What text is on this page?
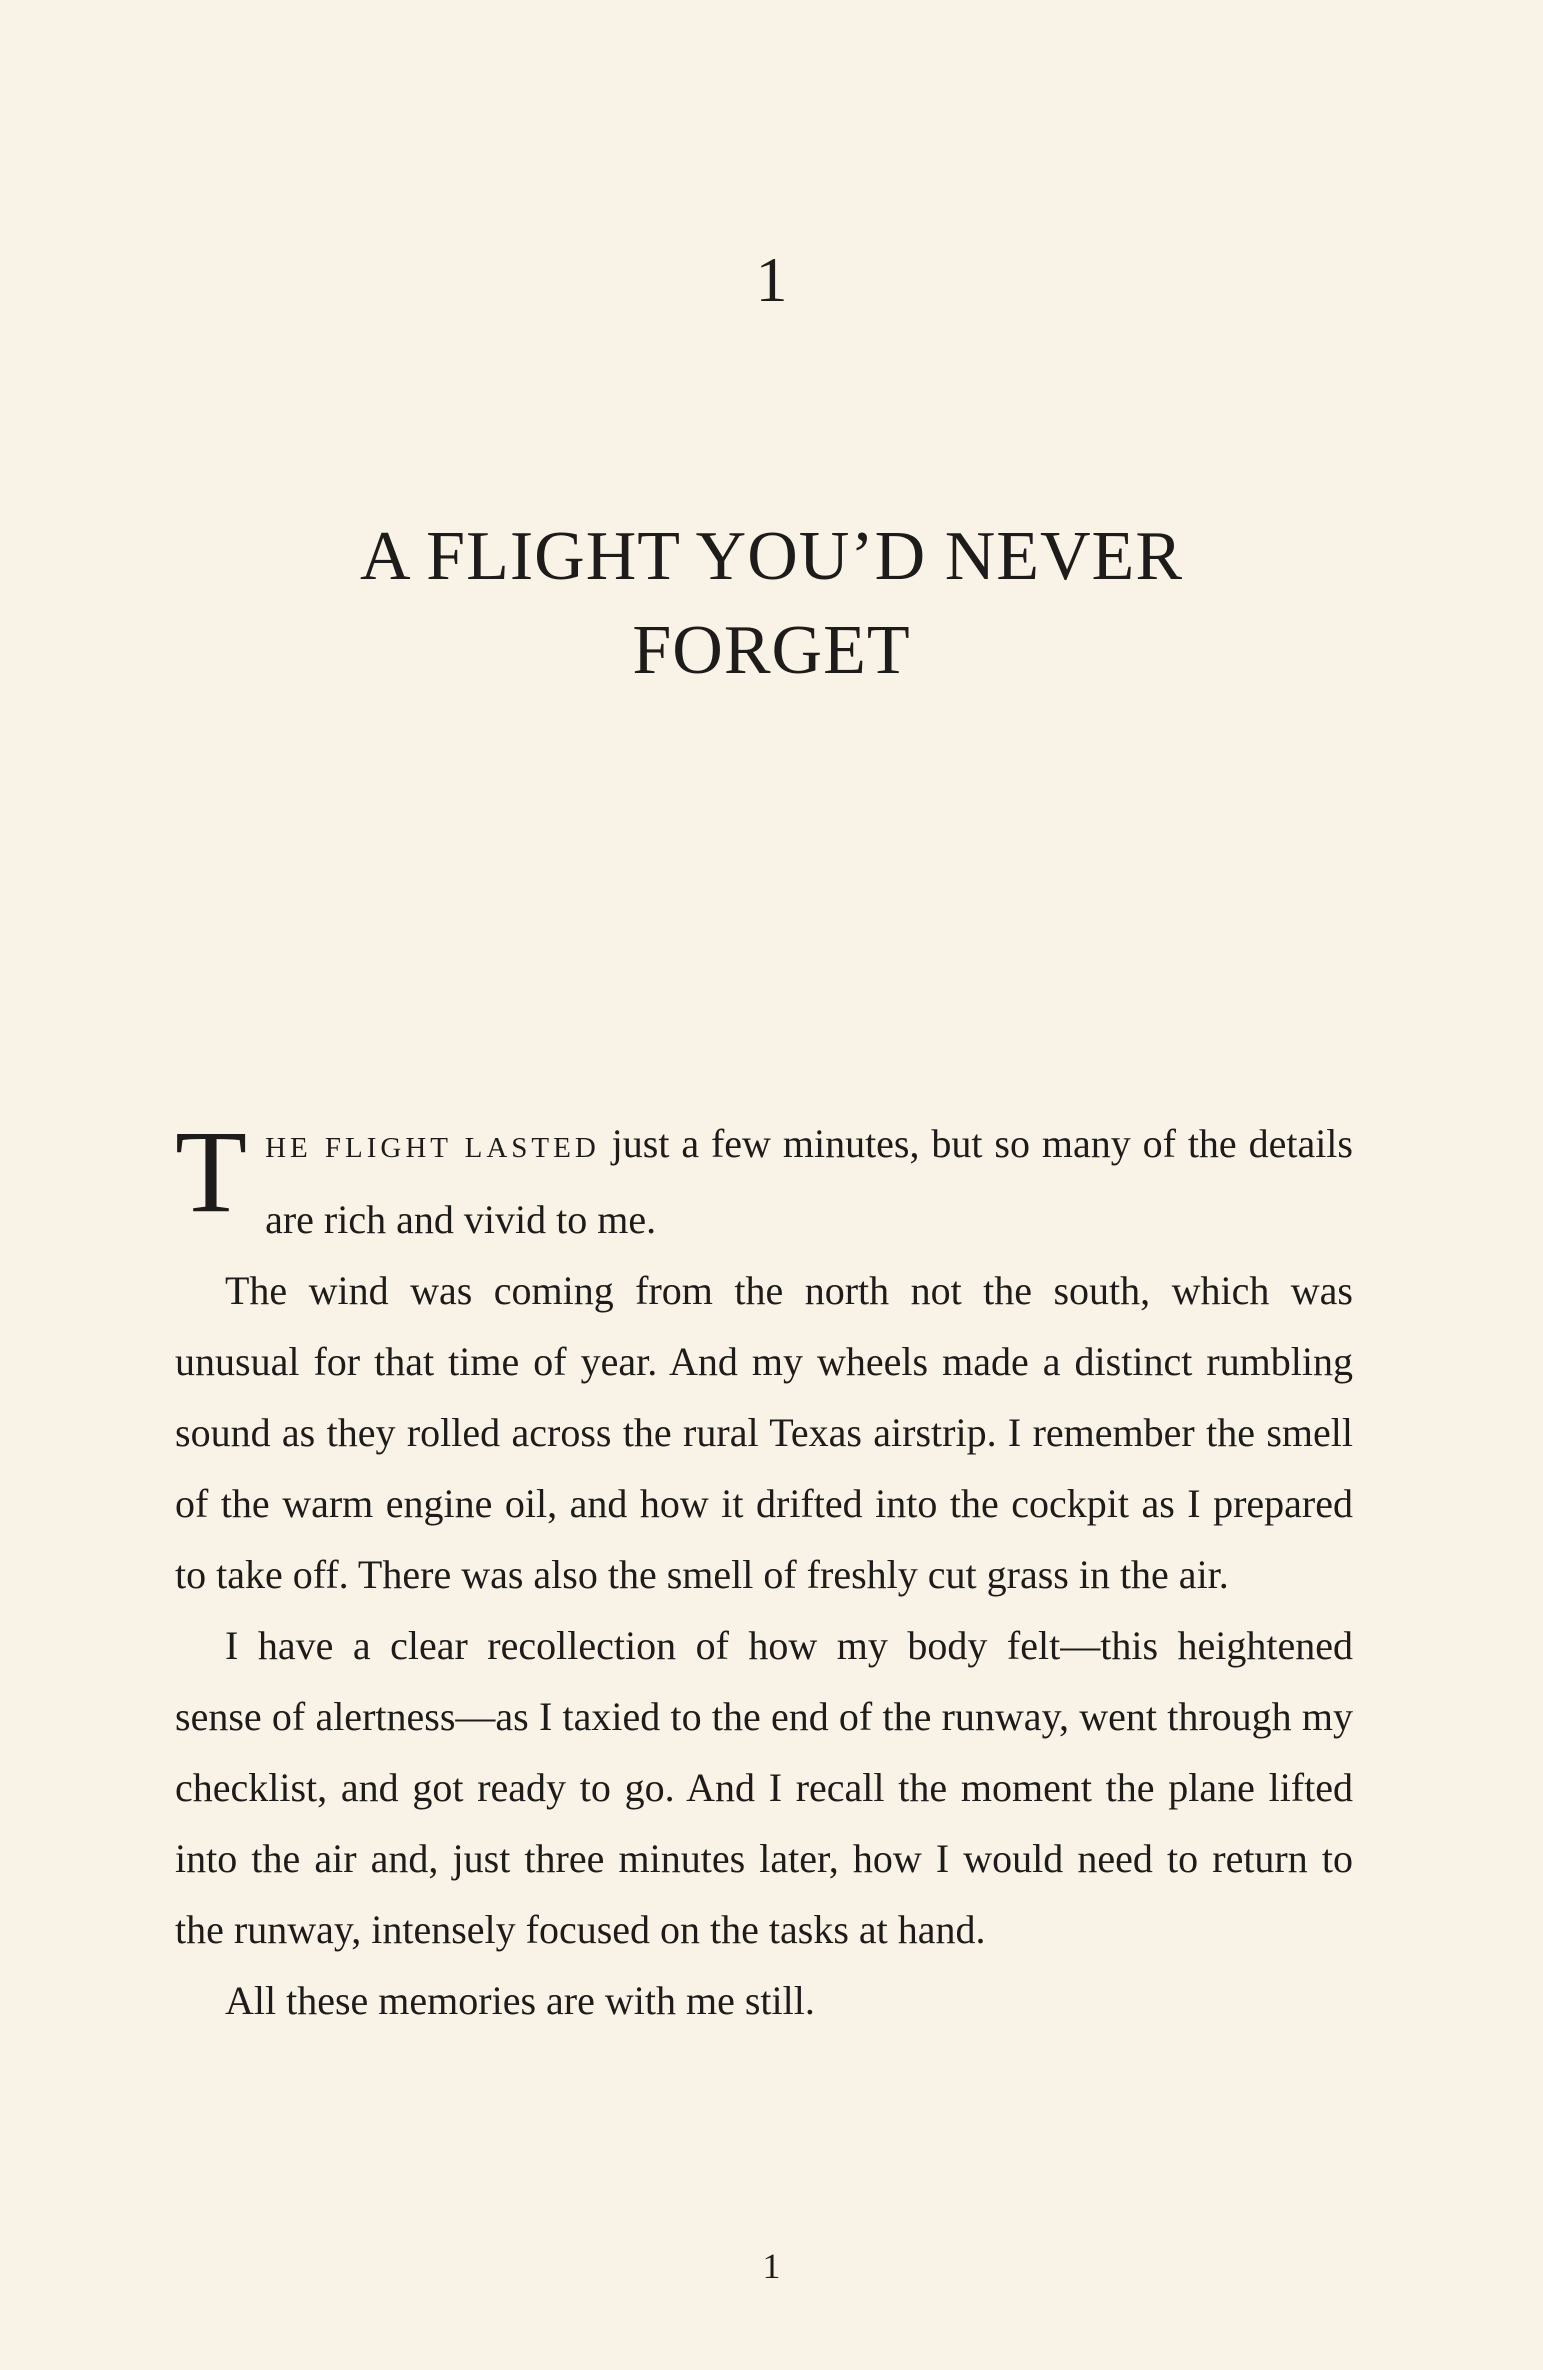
1
A FLIGHT YOU’D NEVER
FORGET

THE FLIGHT LASTED just a few minutes, but so many of the details are rich and vivid to me.

The wind was coming from the north not the south, which was unusual for that time of year. And my wheels made a distinct rumbling sound as they rolled across the rural Texas airstrip. I remember the smell of the warm engine oil, and how it drifted into the cockpit as I prepared to take off. There was also the smell of freshly cut grass in the air.

I have a clear recollection of how my body felt—this heightened sense of alertness—as I taxied to the end of the runway, went through my checklist, and got ready to go. And I recall the moment the plane lifted into the air and, just three minutes later, how I would need to return to the runway, intensely focused on the tasks at hand.

All these memories are with me still.

1
